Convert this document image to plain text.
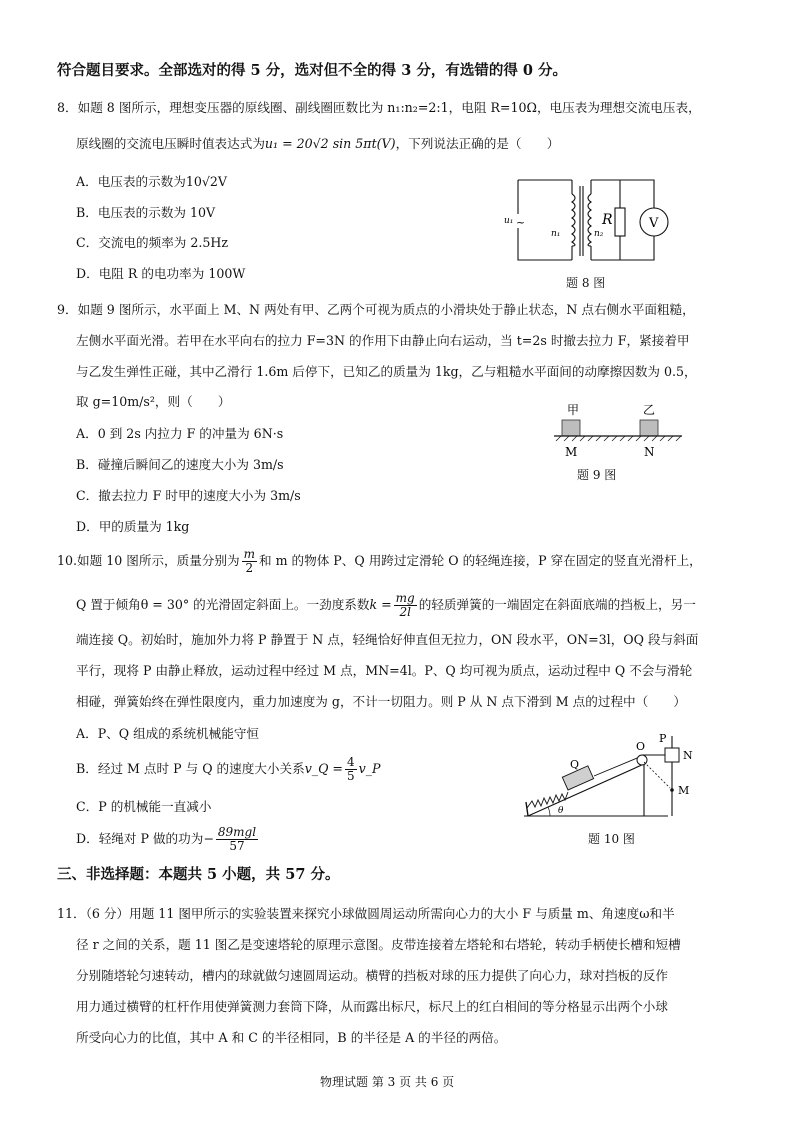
符合题目要求。全部选对的得 5 分，选对但不全的得 3 分，有选错的得 0 分。
8．如题 8 图所示，理想变压器的原线圈、副线圈匝数比为 n₁:n₂=2:1，电阻 R=10Ω，电压表为理想交流电压表，
原线圈的交流电压瞬时值表达式为u₁ = 20√2 sin 5πt(V)，下列说法正确的是（　　）
A．电压表的示数为10√2V
B．电压表的示数为 10V
C．交流电的频率为 2.5Hz
D．电阻 R 的电功率为 100W
u₁ ~
n₁	n₂
R	V
题 8 图
9．如题 9 图所示，水平面上 M、N 两处有甲、乙两个可视为质点的小滑块处于静止状态，N 点右侧水平面粗糙，
左侧水平面光滑。若甲在水平向右的拉力 F=3N 的作用下由静止向右运动，当 t=2s 时撤去拉力 F，紧接着甲
与乙发生弹性正碰，其中乙滑行 1.6m 后停下，已知乙的质量为 1kg，乙与粗糙水平面间的动摩擦因数为 0.5，
取 g=10m/s²，则（　　）
A．0 到 2s 内拉力 F 的冲量为 6N·s
B．碰撞后瞬间乙的速度大小为 3m/s
C．撤去拉力 F 时甲的速度大小为 3m/s
D．甲的质量为 1kg
甲	乙
M	N
题 9 图
10.如题 10 图所示，质量分别为 $\frac{m}{2}$ 和 m 的物体 P、Q 用跨过定滑轮 O 的轻绳连接，P 穿在固定的竖直光滑杆上，
Q 置于倾角θ = 30° 的光滑固定斜面上。一劲度系数$k = \frac{mg}{2l}$ 的轻质弹簧的一端固定在斜面底端的挡板上，另一
端连接 Q。初始时，施加外力将 P 静置于 N 点，轻绳恰好伸直但无拉力，ON 段水平，ON=3l，OQ 段与斜面
平行，现将 P 由静止释放，运动过程中经过 M 点，MN=4l。P、Q 均可视为质点，运动过程中 Q 不会与滑轮
相碰，弹簧始终在弹性限度内，重力加速度为 g，不计一切阻力。则 P 从 N 点下滑到 M 点的过程中（　　）
A．P、Q 组成的系统机械能守恒
B．经过 M 点时 P 与 Q 的速度大小关系v_Q = $\frac{4}{5}$ v_P
C．P 的机械能一直减小
D．轻绳对 P 做的功为− $\frac{\text{89mgl}}{57}$
P
N
O
Q
M
θ
题 10 图
三、非选择题：本题共 5 小题，共 57 分。
11．（6 分）用题 11 图甲所示的实验装置来探究小球做圆周运动所需向心力的大小 F 与质量 m、角速度ω和半
径 r 之间的关系，题 11 图乙是变速塔轮的原理示意图。皮带连接着左塔轮和右塔轮，转动手柄使长槽和短槽
分别随塔轮匀速转动，槽内的球就做匀速圆周运动。横臂的挡板对球的压力提供了向心力，球对挡板的反作
用力通过横臂的杠杆作用使弹簧测力套筒下降，从而露出标尺，标尺上的红白相间的等分格显示出两个小球
所受向心力的比值，其中 A 和 C 的半径相同，B 的半径是 A 的半径的两倍。
物理试题 第 3 页 共 6 页
